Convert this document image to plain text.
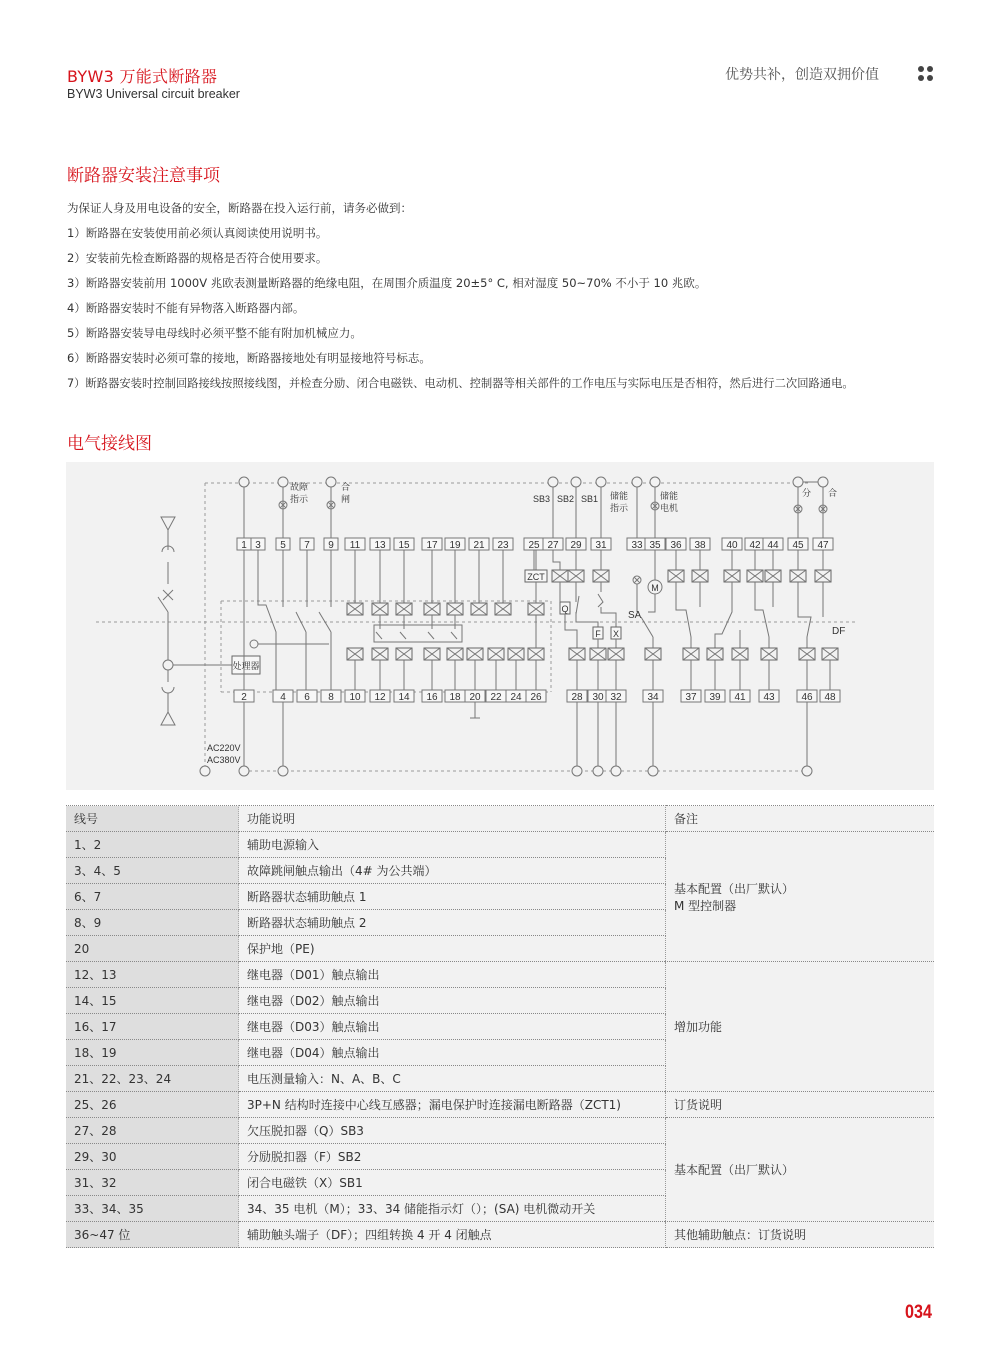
BYW3 万能式断路器
BYW3 Universal circuit breaker
优势共补，创造双拥价值
断路器安装注意事项
为保证人身及用电设备的安全，断路器在投入运行前，请务必做到：
1）断路器在安装使用前必须认真阅读使用说明书。
2）安装前先检查断路器的规格是否符合使用要求。
3）断路器安装前用 1000V 兆欧表测量断路器的绝缘电阻，在周围介质温度 20±5° C, 相对湿度 50~70% 不小于 10 兆欧。
4）断路器安装时不能有异物落入断路器内部。
5）断路器安装导电母线时必须平整不能有附加机械应力。
6）断路器安装时必须可靠的接地，断路器接地处有明显接地符号标志。
7）断路器安装时控制回路接线按照接线图，并检查分励、闭合电磁铁、电动机、控制器等相关部件的工作电压与实际电压是否相符，然后进行二次回路通电。
电气接线图
处理器
故障
指示
合
闸	SB3 SB2 SB1 储能
指示
储能
电机
分 合
1 3 5 7 9 11 13 15 17 19 21 23 25 27 29 31 33 35 36 38 40 42 44 45 47
ZCT
Q
F X
M
SA
DF
2	4 6 8 10 12 14 16 18 20 22 24 26	28 30 32	34	37 39 41 43	46 48
AC220V
AC380V
线号	功能说明	备注
1、2	辅助电源输入	基本配置（出厂默认）
M 型控制器

3、4、5	故障跳闸触点输出（4# 为公共端）	
6、7	断路器状态辅助触点 1	
8、9	断路器状态辅助触点 2	
20	保护地（PE)	
12、13	继电器（D01）触点输出	增加功能

14、15	继电器（D02）触点输出	
16、17	继电器（D03）触点输出	
18、19	继电器（D04）触点输出	
21、22、23、24	电压测量输入：N、A、B、C	
25、26	3P+N 结构时连接中心线互感器；漏电保护时连接漏电断路器（ZCT1)	订货说明

27、28	欠压脱扣器（Q）SB3	基本配置（出厂默认）

29、30	分励脱扣器（F）SB2	
31、32	闭合电磁铁（X）SB1	
33、34、35	34、35 电机（M）；33、34 储能指示灯（）；(SA) 电机微动开关	
36~47 位	辅助触头端子（DF）；四组转换 4 开 4 闭触点	其他辅助触点：订货说明
034
